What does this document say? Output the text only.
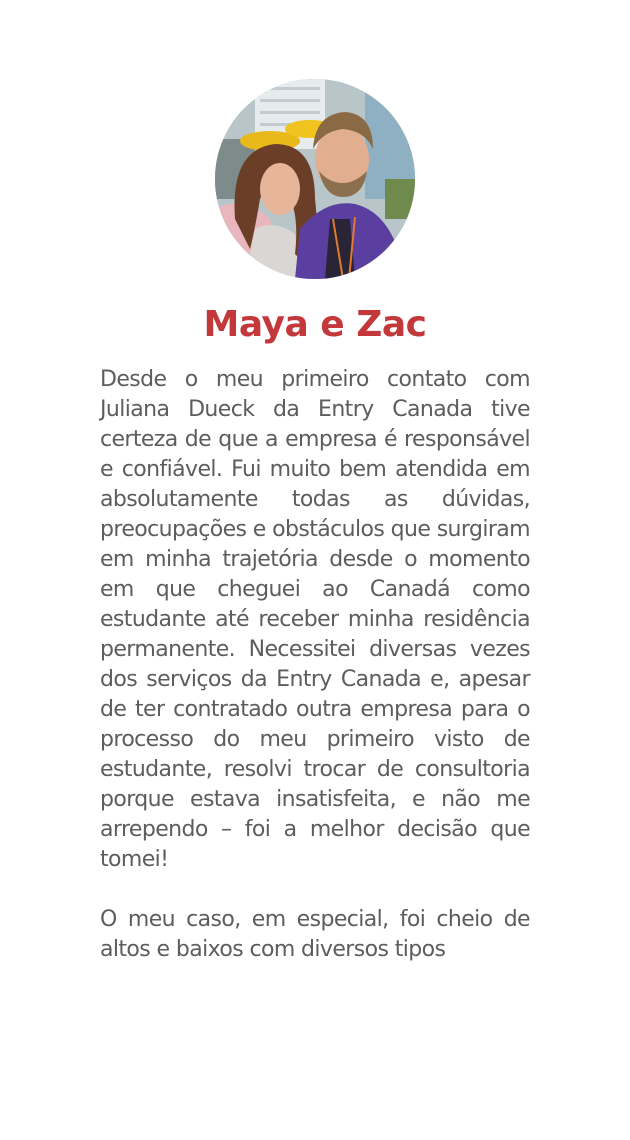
Maya e Zac

Desde o meu primeiro contato com Juliana Dueck da Entry Canada tive certeza de que a empresa é responsável e confiável. Fui muito bem atendida em absolutamente todas as dúvidas, preocupações e obstáculos que surgiram em minha trajetória desde o momento em que cheguei ao Canadá como estudante até receber minha residência permanente. Necessitei diversas vezes dos serviços da Entry Canada e, apesar de ter contratado outra empresa para o processo do meu primeiro visto de estudante, resolvi trocar de consultoria porque estava insatisfeita, e não me arrependo – foi a melhor decisão que tomei!

O meu caso, em especial, foi cheio de altos e baixos com diversos tipos
